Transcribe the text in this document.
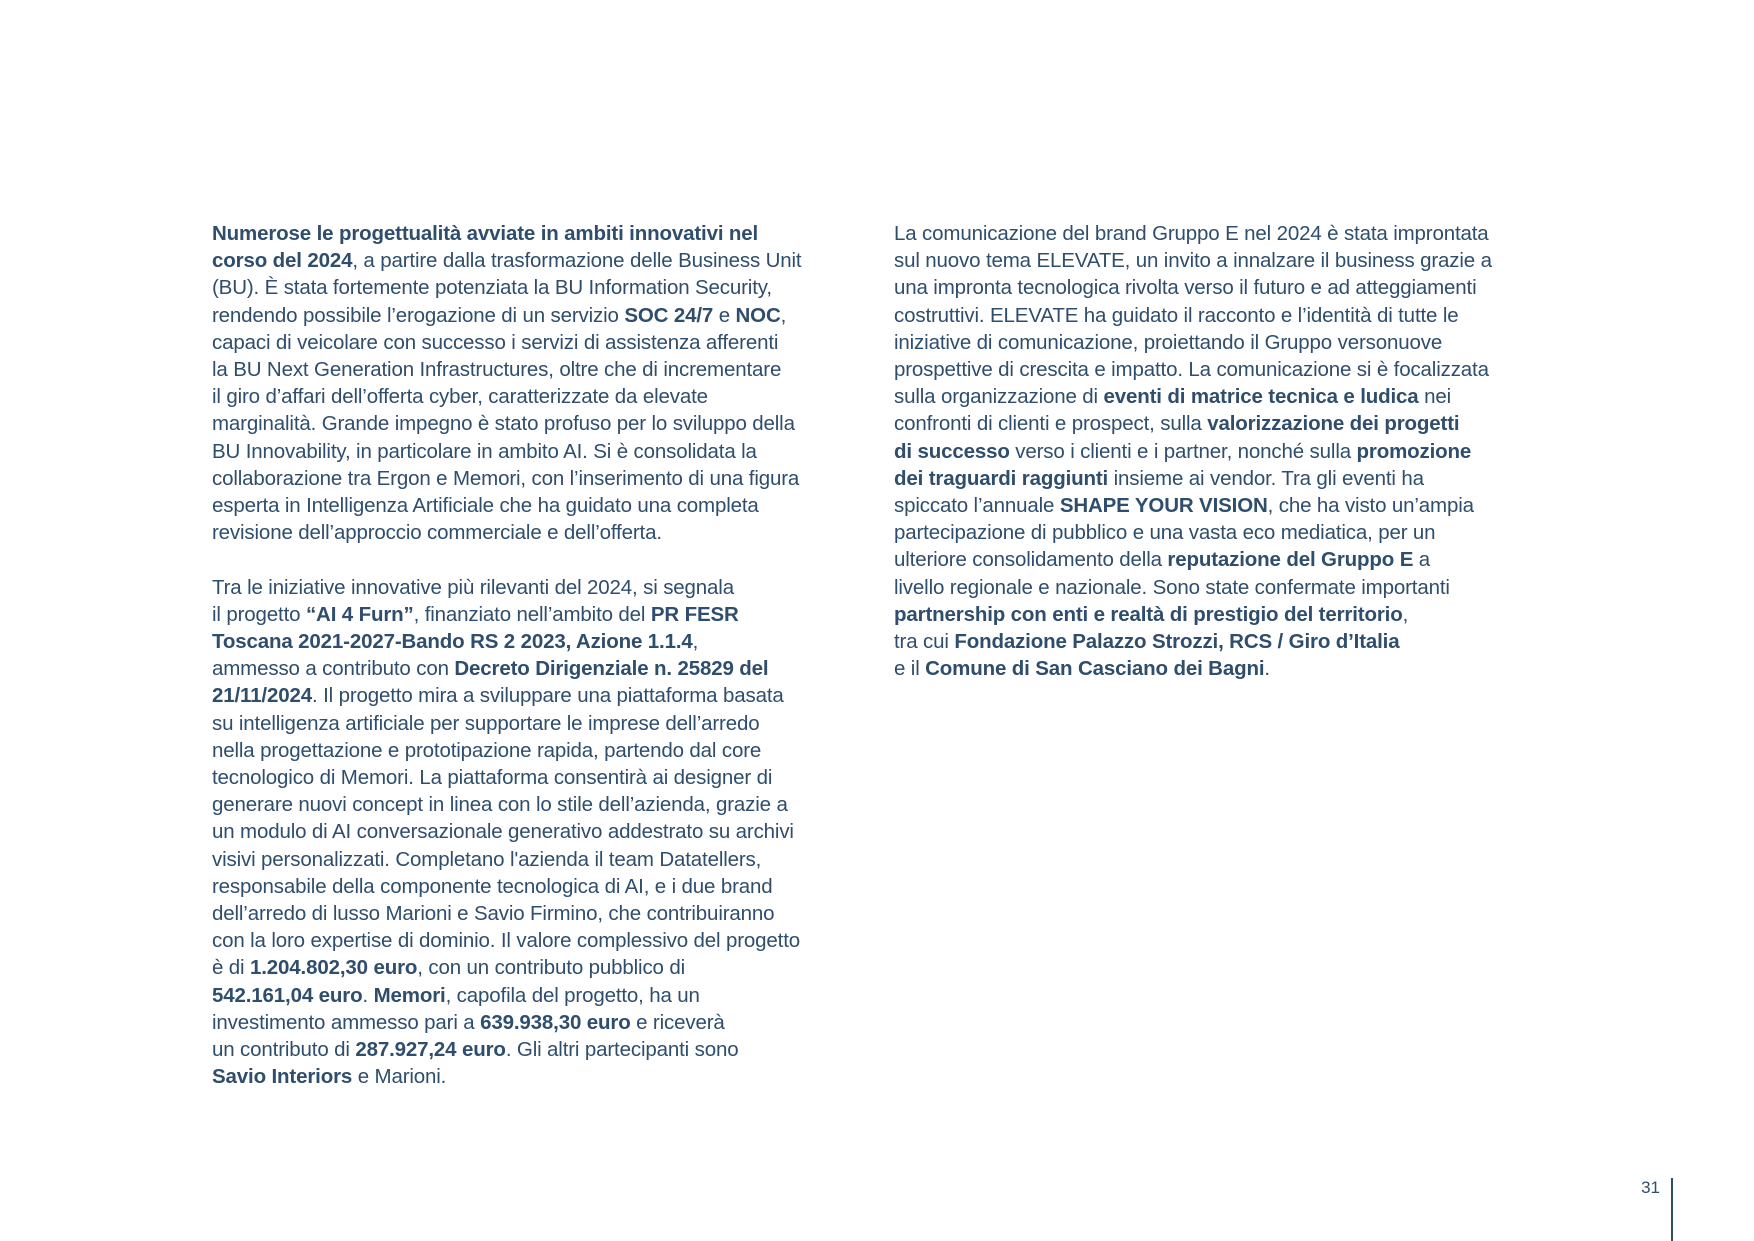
Numerose le progettualità avviate in ambiti innovativi nel
corso del 2024, a partire dalla trasformazione delle Business Unit
(BU). È stata fortemente potenziata la BU Information Security,
rendendo possibile l’erogazione di un servizio SOC 24/7 e NOC,
capaci di veicolare con successo i servizi di assistenza afferenti
la BU Next Generation Infrastructures, oltre che di incrementare
il giro d’affari dell’offerta cyber, caratterizzate da elevate
marginalità. Grande impegno è stato profuso per lo sviluppo della
BU Innovability, in particolare in ambito AI. Si è consolidata la
collaborazione tra Ergon e Memori, con l’inserimento di una figura
esperta in Intelligenza Artificiale che ha guidato una completa
revisione dell’approccio commerciale e dell’offerta.

Tra le iniziative innovative più rilevanti del 2024, si segnala
il progetto “AI 4 Furn”, finanziato nell’ambito del PR FESR
Toscana 2021-2027-Bando RS 2 2023, Azione 1.1.4,
ammesso a contributo con Decreto Dirigenziale n. 25829 del
21/11/2024. Il progetto mira a sviluppare una piattaforma basata
su intelligenza artificiale per supportare le imprese dell’arredo
nella progettazione e prototipazione rapida, partendo dal core
tecnologico di Memori. La piattaforma consentirà ai designer di
generare nuovi concept in linea con lo stile dell’azienda, grazie a
un modulo di AI conversazionale generativo addestrato su archivi
visivi personalizzati. Completano l'azienda il team Datatellers,
responsabile della componente tecnologica di AI, e i due brand
dell’arredo di lusso Marioni e Savio Firmino, che contribuiranno
con la loro expertise di dominio. Il valore complessivo del progetto
è di 1.204.802,30 euro, con un contributo pubblico di
542.161,04 euro. Memori, capofila del progetto, ha un
investimento ammesso pari a 639.938,30 euro e riceverà
un contributo di 287.927,24 euro. Gli altri partecipanti sono
Savio Interiors e Marioni.

La comunicazione del brand Gruppo E nel 2024 è stata improntata
sul nuovo tema ELEVATE, un invito a innalzare il business grazie a
una impronta tecnologica rivolta verso il futuro e ad atteggiamenti
costruttivi. ELEVATE ha guidato il racconto e l’identità di tutte le
iniziative di comunicazione, proiettando il Gruppo versonuove
prospettive di crescita e impatto. La comunicazione si è focalizzata
sulla organizzazione di eventi di matrice tecnica e ludica nei
confronti di clienti e prospect, sulla valorizzazione dei progetti
di successo verso i clienti e i partner, nonché sulla promozione
dei traguardi raggiunti insieme ai vendor. Tra gli eventi ha
spiccato l’annuale SHAPE YOUR VISION, che ha visto un’ampia
partecipazione di pubblico e una vasta eco mediatica, per un
ulteriore consolidamento della reputazione del Gruppo E a
livello regionale e nazionale. Sono state confermate importanti
partnership con enti e realtà di prestigio del territorio,
tra cui Fondazione Palazzo Strozzi, RCS / Giro d’Italia
e il Comune di San Casciano dei Bagni.

31
